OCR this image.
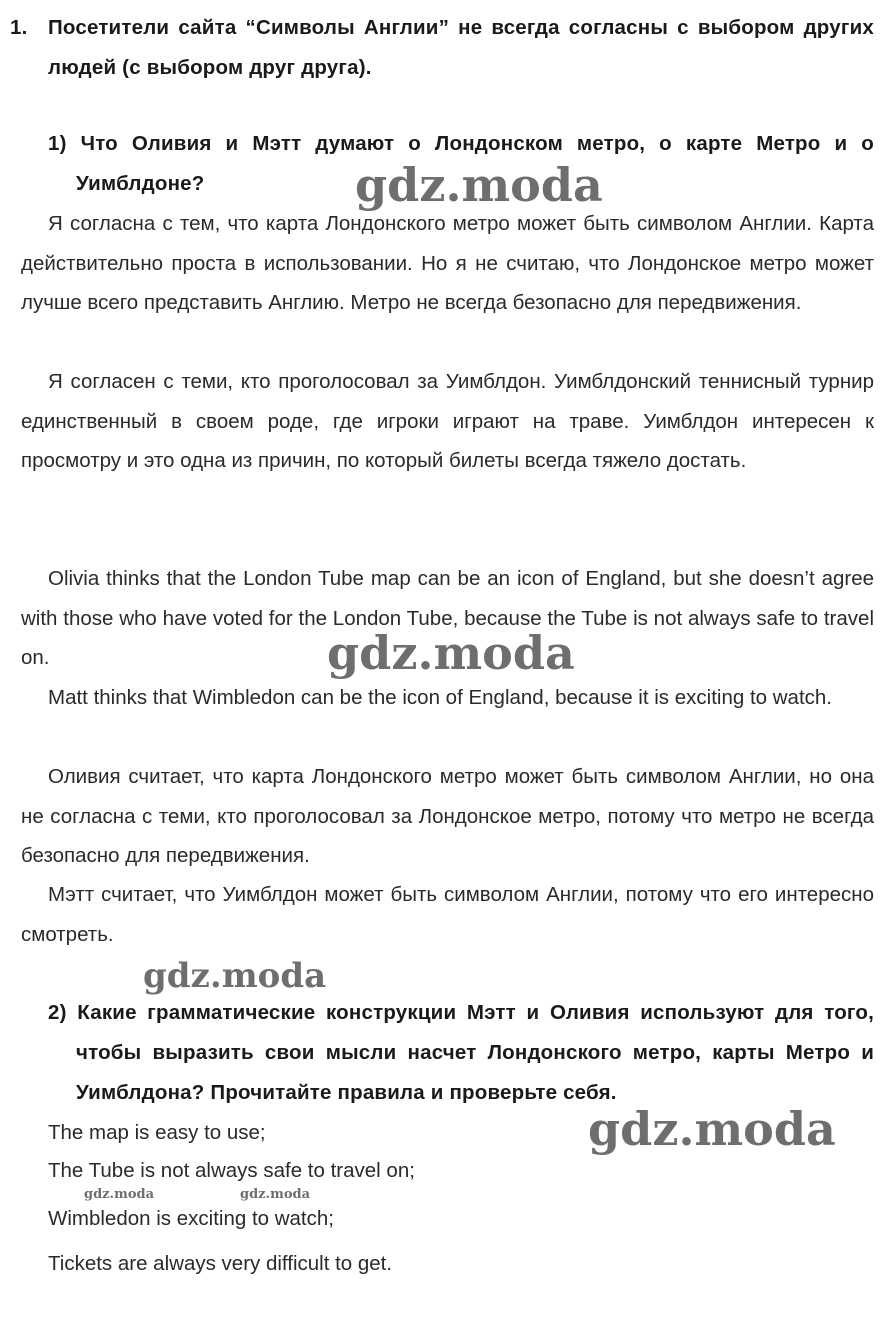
1. Посетители сайта “Символы Англии” не всегда согласны с выбором других людей (с выбором друг друга).
1) Что Оливия и Мэтт думают о Лондонском метро, о карте Метро и о Уимблдоне?

Я согласна с тем, что карта Лондонского метро может быть символом Англии. Карта действительно проста в использовании. Но я не считаю, что Лондонское метро может лучше всего представить Англию. Метро не всегда безопасно для передвижения.

Я согласен с теми, кто проголосовал за Уимблдон. Уимблдонский теннисный турнир единственный в своем роде, где игроки играют на траве. Уимблдон интересен к просмотру и это одна из причин, по который билеты всегда тяжело достать.

Olivia thinks that the London Tube map can be an icon of England, but she doesn’t agree with those who have voted for the London Tube, because the Tube is not always safe to travel on.

Matt thinks that Wimbledon can be the icon of England, because it is exciting to watch.

Оливия считает, что карта Лондонского метро может быть символом Англии, но она не согласна с теми, кто проголосовал за Лондонское метро, потому что метро не всегда безопасно для передвижения.

Мэтт считает, что Уимблдон может быть символом Англии, потому что его интересно смотреть.

2) Какие грамматические конструкции Мэтт и Оливия используют для того, чтобы выразить свои мысли насчет Лондонского метро, карты Метро и Уимблдона? Прочитайте правила и проверьте себя.
The map is easy to use;
The Tube is not always safe to travel on;
Wimbledon is exciting to watch;
Tickets are always very difficult to get.
gdz.moda
gdz.moda
gdz.moda
gdz.moda
gdz.moda	gdz.moda
